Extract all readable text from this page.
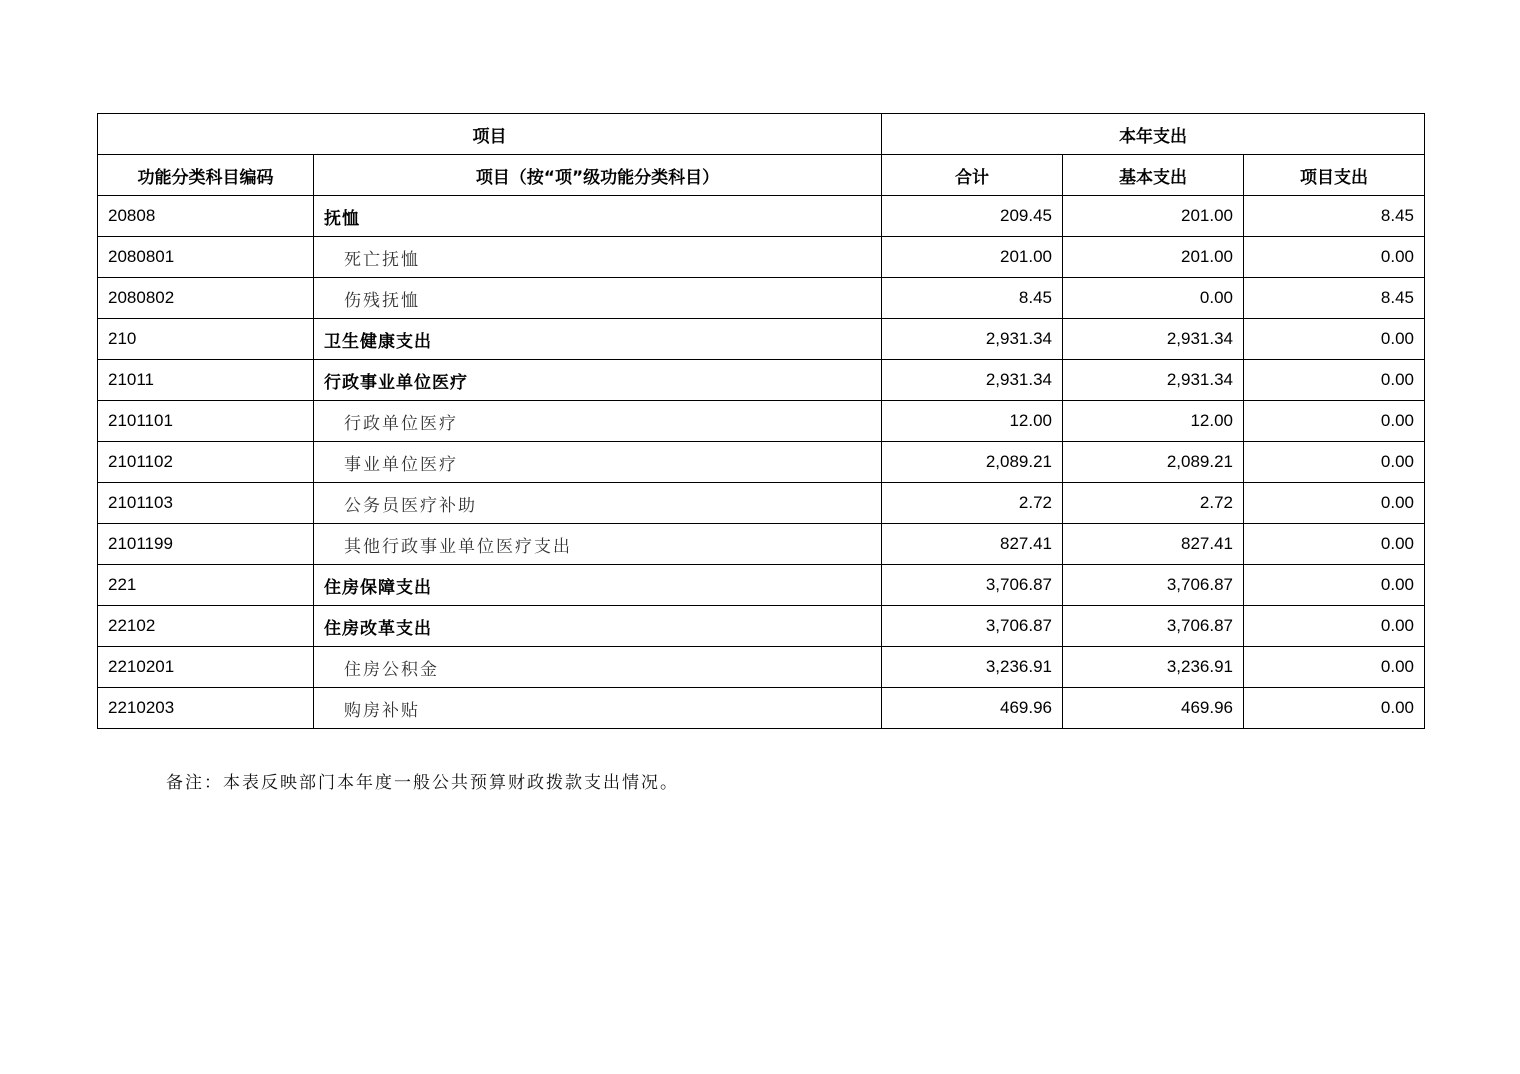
项目		本年支出		
功能分类科目编码	项目（按“项”级功能分类科目）	合计	基本支出	项目支出
20808	抚恤	209.45	201.00	8.45
2080801	死亡抚恤	201.00	201.00	0.00
2080802	伤残抚恤	8.45	0.00	8.45
210	卫生健康支出	2,931.34	2,931.34	0.00
21011	行政事业单位医疗	2,931.34	2,931.34	0.00
2101101	行政单位医疗	12.00	12.00	0.00
2101102	事业单位医疗	2,089.21	2,089.21	0.00
2101103	公务员医疗补助	2.72	2.72	0.00
2101199	其他行政事业单位医疗支出	827.41	827.41	0.00
221	住房保障支出	3,706.87	3,706.87	0.00
22102	住房改革支出	3,706.87	3,706.87	0.00
2210201	住房公积金	3,236.91	3,236.91	0.00
2210203	购房补贴	469.96	469.96	0.00
备注：本表反映部门本年度一般公共预算财政拨款支出情况。
